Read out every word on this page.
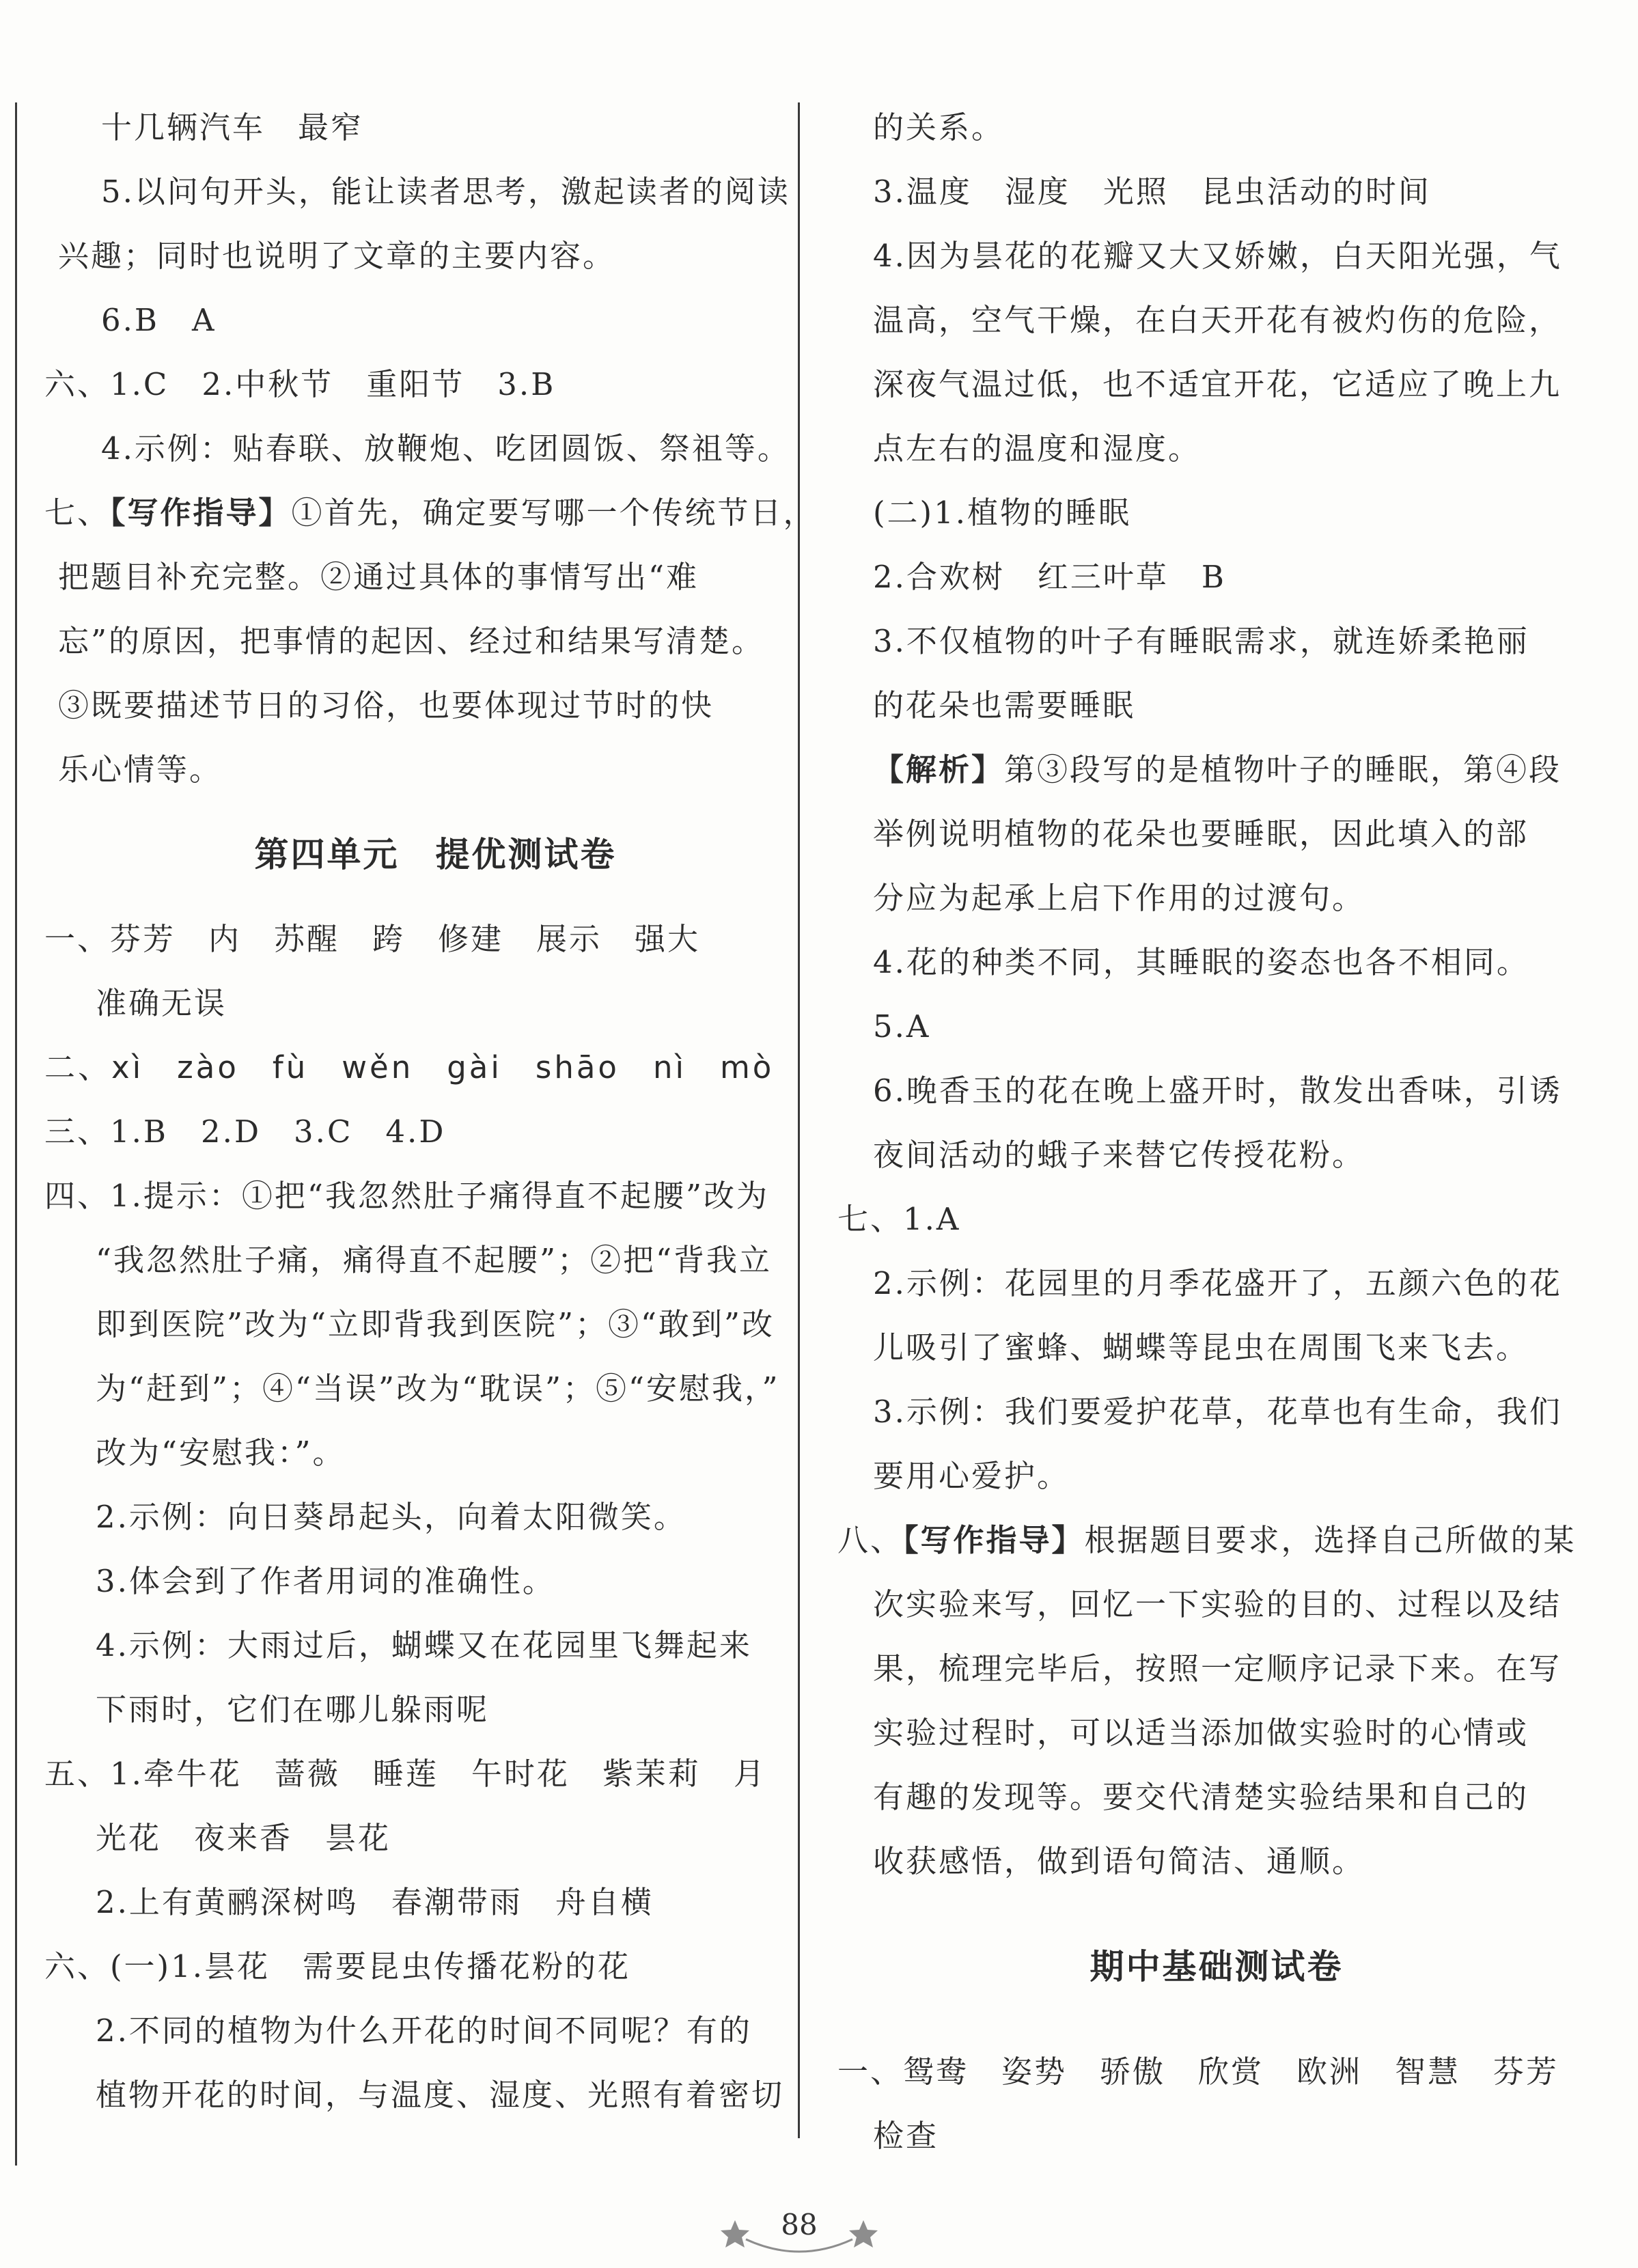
十几辆汽车　最窄
5.以问句开头，能让读者思考，激起读者的阅读
兴趣；同时也说明了文章的主要内容。
6.B　A
六、1.C　2.中秋节　重阳节　3.B
4.示例：贴春联、放鞭炮、吃团圆饭、祭祖等。
七、【写作指导】①首先，确定要写哪一个传统节日，
把题目补充完整。②通过具体的事情写出“难
忘”的原因，把事情的起因、经过和结果写清楚。
③既要描述节日的习俗，也要体现过节时的快
乐心情等。
第四单元　提优测试卷
一、芬芳　内　苏醒　跨　修建　展示　强大
准确无误
二、xì　zào　fù　wěn　gài　shāo　nì　mò
三、1.B　2.D　3.C　4.D
四、1.提示：①把“我忽然肚子痛得直不起腰”改为
“我忽然肚子痛，痛得直不起腰”；②把“背我立
即到医院”改为“立即背我到医院”；③“敢到”改
为“赶到”；④“当误”改为“耽误”；⑤“安慰我，”
改为“安慰我：”。
2.示例：向日葵昂起头，向着太阳微笑。
3.体会到了作者用词的准确性。
4.示例：大雨过后，蝴蝶又在花园里飞舞起来
下雨时，它们在哪儿躲雨呢
五、1.牵牛花　蔷薇　睡莲　午时花　紫茉莉　月
光花　夜来香　昙花
2.上有黄鹂深树鸣　春潮带雨　舟自横
六、(一)1.昙花　需要昆虫传播花粉的花
2.不同的植物为什么开花的时间不同呢？有的
植物开花的时间，与温度、湿度、光照有着密切
的关系。
3.温度　湿度　光照　昆虫活动的时间
4.因为昙花的花瓣又大又娇嫩，白天阳光强，气
温高，空气干燥，在白天开花有被灼伤的危险，
深夜气温过低，也不适宜开花，它适应了晚上九
点左右的温度和湿度。
(二)1.植物的睡眠
2.合欢树　红三叶草　B
3.不仅植物的叶子有睡眠需求，就连娇柔艳丽
的花朵也需要睡眠
【解析】第③段写的是植物叶子的睡眠，第④段
举例说明植物的花朵也要睡眠，因此填入的部
分应为起承上启下作用的过渡句。
4.花的种类不同，其睡眠的姿态也各不相同。
5.A
6.晚香玉的花在晚上盛开时，散发出香味，引诱
夜间活动的蛾子来替它传授花粉。
七、1.A
2.示例：花园里的月季花盛开了，五颜六色的花
儿吸引了蜜蜂、蝴蝶等昆虫在周围飞来飞去。
3.示例：我们要爱护花草，花草也有生命，我们
要用心爱护。
八、【写作指导】根据题目要求，选择自己所做的某
次实验来写，回忆一下实验的目的、过程以及结
果，梳理完毕后，按照一定顺序记录下来。在写
实验过程时，可以适当添加做实验时的心情或
有趣的发现等。要交代清楚实验结果和自己的
收获感悟，做到语句简洁、通顺。
期中基础测试卷
一、鸳鸯　姿势　骄傲　欣赏　欧洲　智慧　芬芳
检查
88
